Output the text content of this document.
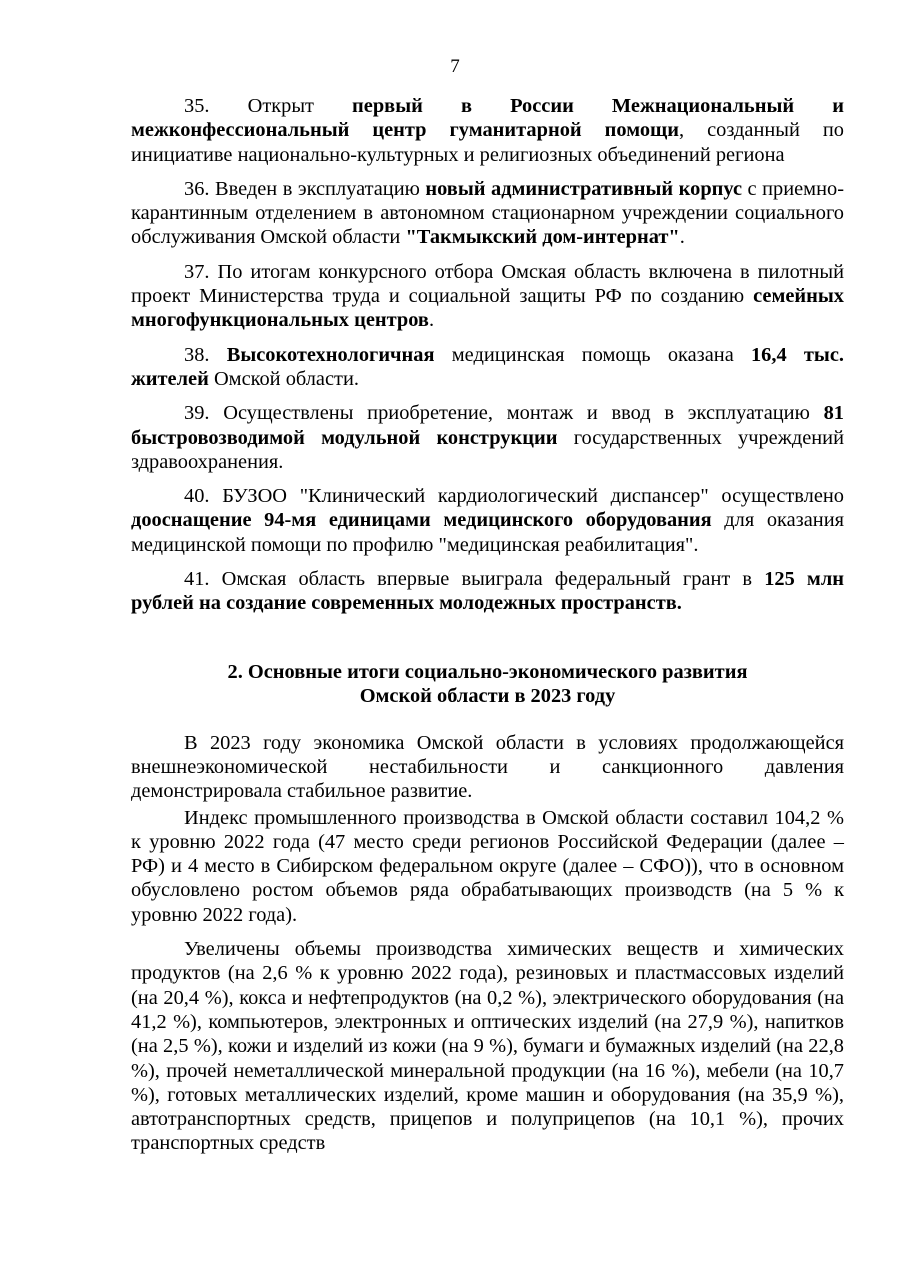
7

35. Открыт первый в России Межнациональный и межконфессиональный центр гуманитарной помощи, созданный по инициативе национально-культурных и религиозных объединений региона

36. Введен в эксплуатацию новый административный корпус с приемно-карантинным отделением в автономном стационарном учреждении социального обслуживания Омской области "Такмыкский дом-интернат".

37. По итогам конкурсного отбора Омская область включена в пилотный проект Министерства труда и социальной защиты РФ по созданию семейных многофункциональных центров.

38. Высокотехнологичная медицинская помощь оказана 16,4 тыс. жителей Омской области.

39. Осуществлены приобретение, монтаж и ввод в эксплуатацию 81 быстровозводимой модульной конструкции государственных учреждений здравоохранения.

40. БУЗОО "Клинический кардиологический диспансер" осуществлено дооснащение 94-мя единицами медицинского оборудования для оказания медицинской помощи по профилю "медицинская реабилитация".

41. Омская область впервые выиграла федеральный грант в 125 млн рублей на создание современных молодежных пространств.

2. Основные итоги социально-экономического развития
Омской области в 2023 году

В 2023 году экономика Омской области в условиях продолжающейся внешнеэкономической нестабильности и санкционного давления демонстрировала стабильное развитие.

Индекс промышленного производства в Омской области составил 104,2 % к уровню 2022 года (47 место среди регионов Российской Федерации (далее – РФ) и 4 место в Сибирском федеральном округе (далее – СФО)), что в основном обусловлено ростом объемов ряда обрабатывающих производств (на 5 % к уровню 2022 года).

Увеличены объемы производства химических веществ и химических продуктов (на 2,6 % к уровню 2022 года), резиновых и пластмассовых изделий (на 20,4 %), кокса и нефтепродуктов (на 0,2 %), электрического оборудования (на 41,2 %), компьютеров, электронных и оптических изделий (на 27,9 %), напитков (на 2,5 %), кожи и изделий из кожи (на 9 %), бумаги и бумажных изделий (на 22,8 %), прочей неметаллической минеральной продукции (на 16 %), мебели (на 10,7 %), готовых металлических изделий, кроме машин и оборудования (на 35,9 %), автотранспортных средств, прицепов и полуприцепов (на 10,1 %), прочих транспортных средств
